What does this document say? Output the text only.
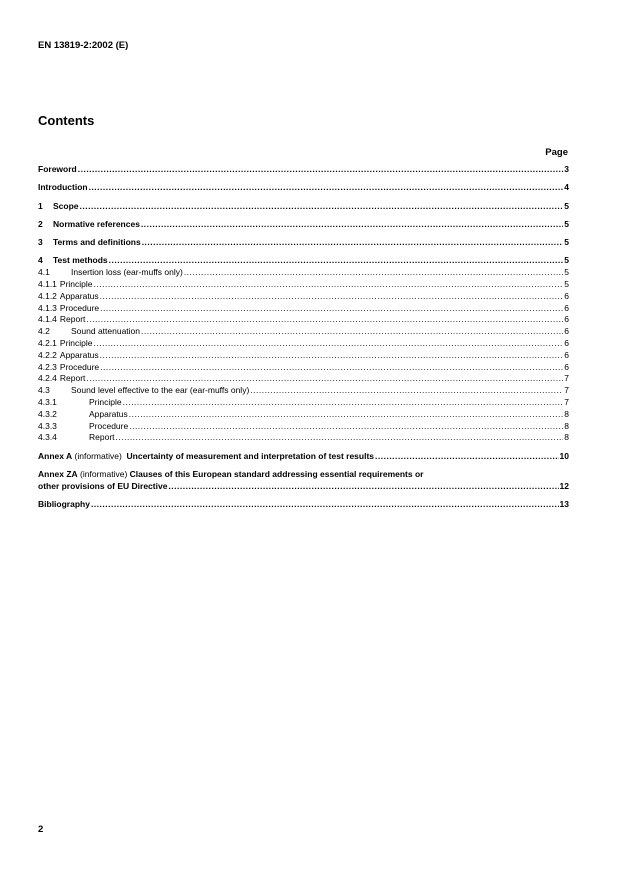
EN 13819-2:2002 (E)
Contents
Page
Foreword .....	3
Introduction .....	4
1	Scope .....	5
2	Normative references .....	5
3	Terms and definitions .....	5
4	Test methods .....	5
4.1	Insertion loss (ear-muffs only) .....	5
4.1.1 Principle .....	5
4.1.2 Apparatus .....	6
4.1.3 Procedure .....	6
4.1.4 Report .....	6
4.2	Sound attenuation .....	6
4.2.1 Principle .....	6
4.2.2 Apparatus .....	6
4.2.3 Procedure .....	6
4.2.4 Report .....	7
4.3	Sound level effective to the ear (ear-muffs only) .....	7
4.3.1	Principle .....	7
4.3.2	Apparatus .....	8
4.3.3	Procedure .....	8
4.3.4	Report .....	8
Annex A (informative) Uncertainty of measurement and interpretation of test results .....	10
Annex ZA (informative) Clauses of this European standard addressing essential requirements or
other provisions of EU Directive .....	12
Bibliography .....	13
2
